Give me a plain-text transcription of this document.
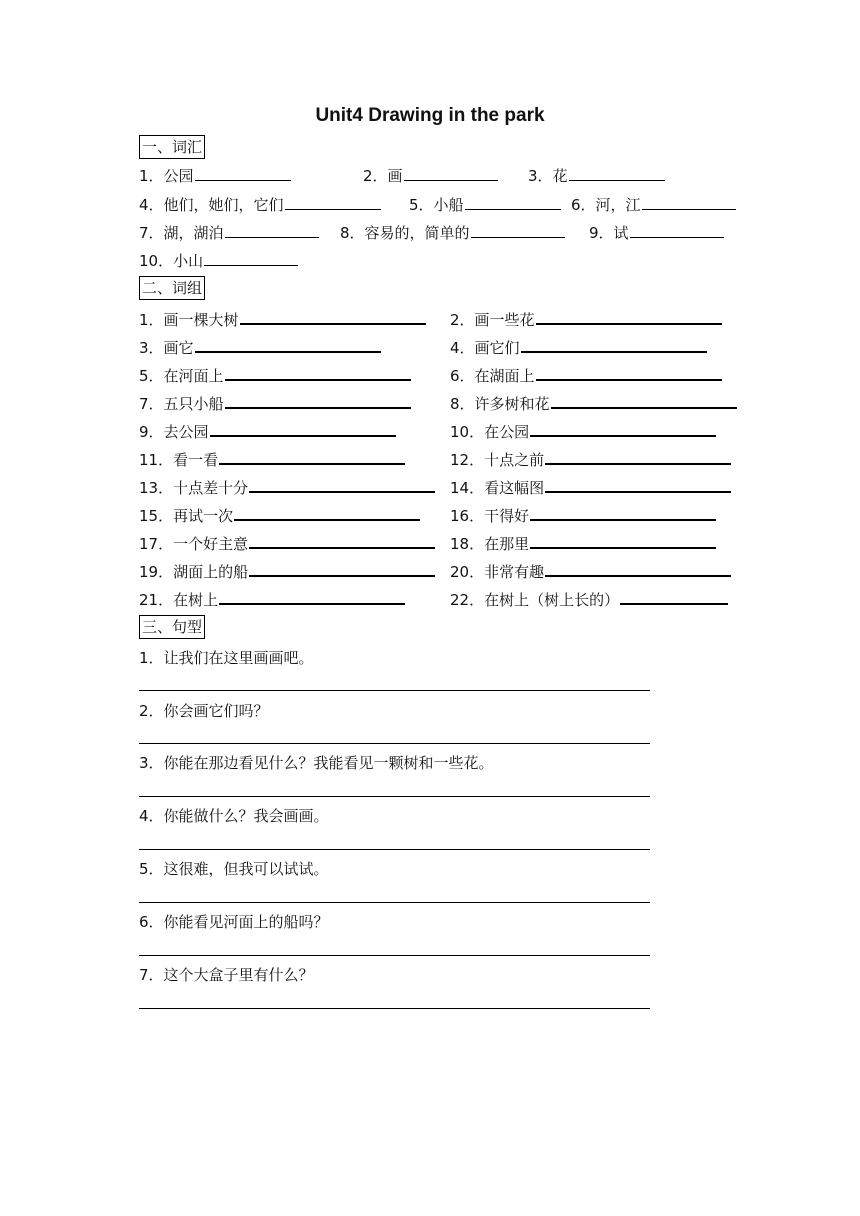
Unit4 Drawing in the park
一、词汇
1．公园	2．画	3．花
4．他们，她们，它们	5．小船	6．河，江
7．湖，湖泊	8．容易的，简单的	9．试
10．小山
二、词组
1．画一棵大树	2．画一些花
3．画它	4．画它们
5．在河面上	6．在湖面上
7．五只小船	8．许多树和花
9．去公园	10．在公园
11．看一看	12．十点之前
13．十点差十分	14．看这幅图
15．再试一次	16．干得好
17．一个好主意	18．在那里
19．湖面上的船	20．非常有趣
21．在树上	22．在树上（树上长的）
三、句型
1．让我们在这里画画吧。
2．你会画它们吗？
3．你能在那边看见什么？我能看见一颗树和一些花。
4．你能做什么？我会画画。
5．这很难，但我可以试试。
6．你能看见河面上的船吗？
7．这个大盒子里有什么？
